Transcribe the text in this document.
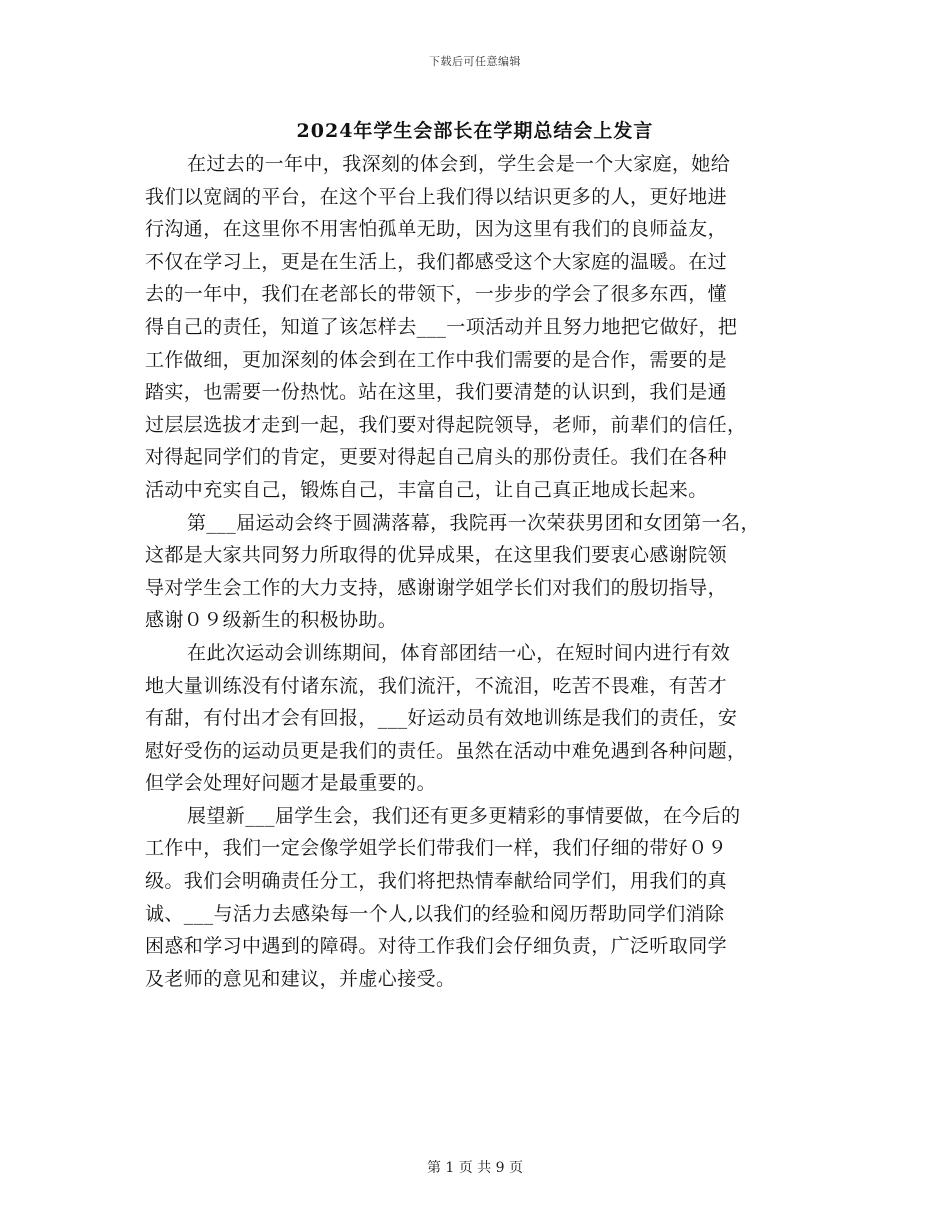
下载后可任意编辑
2024年学生会部长在学期总结会上发言

在过去的一年中，我深刻的体会到，学生会是一个大家庭，她给
我们以宽阔的平台，在这个平台上我们得以结识更多的人，更好地进
行沟通，在这里你不用害怕孤单无助，因为这里有我们的良师益友，
不仅在学习上，更是在生活上，我们都感受这个大家庭的温暖。在过
去的一年中，我们在老部长的带领下，一步步的学会了很多东西，懂
得自己的责任，知道了该怎样去___一项活动并且努力地把它做好，把
工作做细，更加深刻的体会到在工作中我们需要的是合作，需要的是
踏实，也需要一份热忱。站在这里，我们要清楚的认识到，我们是通
过层层选拔才走到一起，我们要对得起院领导，老师，前辈们的信任，
对得起同学们的肯定，更要对得起自己肩头的那份责任。我们在各种
活动中充实自己，锻炼自己，丰富自己，让自己真正地成长起来。

第___届运动会终于圆满落幕，我院再一次荣获男团和女团第一名，
这都是大家共同努力所取得的优异成果，在这里我们要衷心感谢院领
导对学生会工作的大力支持，感谢谢学姐学长们对我们的殷切指导，
感谢０９级新生的积极协助。

在此次运动会训练期间，体育部团结一心，在短时间内进行有效
地大量训练没有付诸东流，我们流汗，不流泪，吃苦不畏难，有苦才
有甜，有付出才会有回报，___好运动员有效地训练是我们的责任，安
慰好受伤的运动员更是我们的责任。虽然在活动中难免遇到各种问题，
但学会处理好问题才是最重要的。

展望新___届学生会，我们还有更多更精彩的事情要做，在今后的
工作中，我们一定会像学姐学长们带我们一样，我们仔细的带好０９
级。我们会明确责任分工，我们将把热情奉献给同学们，用我们的真
诚、___与活力去感染每一个人,以我们的经验和阅历帮助同学们消除
困惑和学习中遇到的障碍。对待工作我们会仔细负责，广泛听取同学
及老师的意见和建议，并虚心接受。

第 1 页 共 9 页
